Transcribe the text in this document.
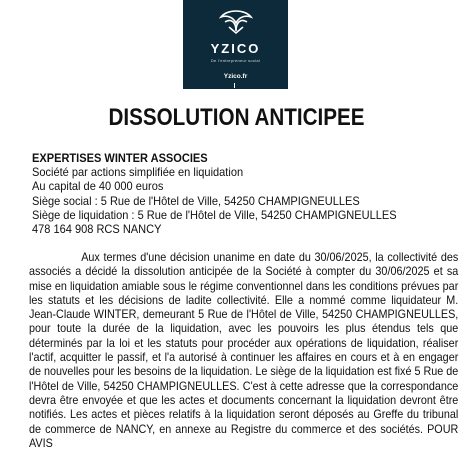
YZICO
De l'entrepreneur social
Yzico.fr
DISSOLUTION ANTICIPEE
EXPERTISES WINTER ASSOCIES
Société par actions simplifiée en liquidation
Au capital de 40 000 euros
Siège social : 5 Rue de l'Hôtel de Ville, 54250 CHAMPIGNEULLES
Siège de liquidation : 5 Rue de l'Hôtel de Ville, 54250 CHAMPIGNEULLES
478 164 908 RCS NANCY

Aux termes d'une décision unanime en date du 30/06/2025, la collectivité des associés a décidé la dissolution anticipée de la Société à compter du 30/06/2025 et sa mise en liquidation amiable sous le régime conventionnel dans les conditions prévues par les statuts et les décisions de ladite collectivité. Elle a nommé comme liquidateur M. Jean-Claude WINTER, demeurant 5 Rue de l'Hôtel de Ville, 54250 CHAMPIGNEULLES, pour toute la durée de la liquidation, avec les pouvoirs les plus étendus tels que déterminés par la loi et les statuts pour procéder aux opérations de liquidation, réaliser l'actif, acquitter le passif, et l'a autorisé à continuer les affaires en cours et à en engager de nouvelles pour les besoins de la liquidation. Le siège de la liquidation est fixé 5 Rue de l'Hôtel de Ville, 54250 CHAMPIGNEULLES. C'est à cette adresse que la correspondance devra être envoyée et que les actes et documents concernant la liquidation devront être notifiés. Les actes et pièces relatifs à la liquidation seront déposés au Greffe du tribunal de commerce de NANCY, en annexe au Registre du commerce et des sociétés. POUR AVIS
